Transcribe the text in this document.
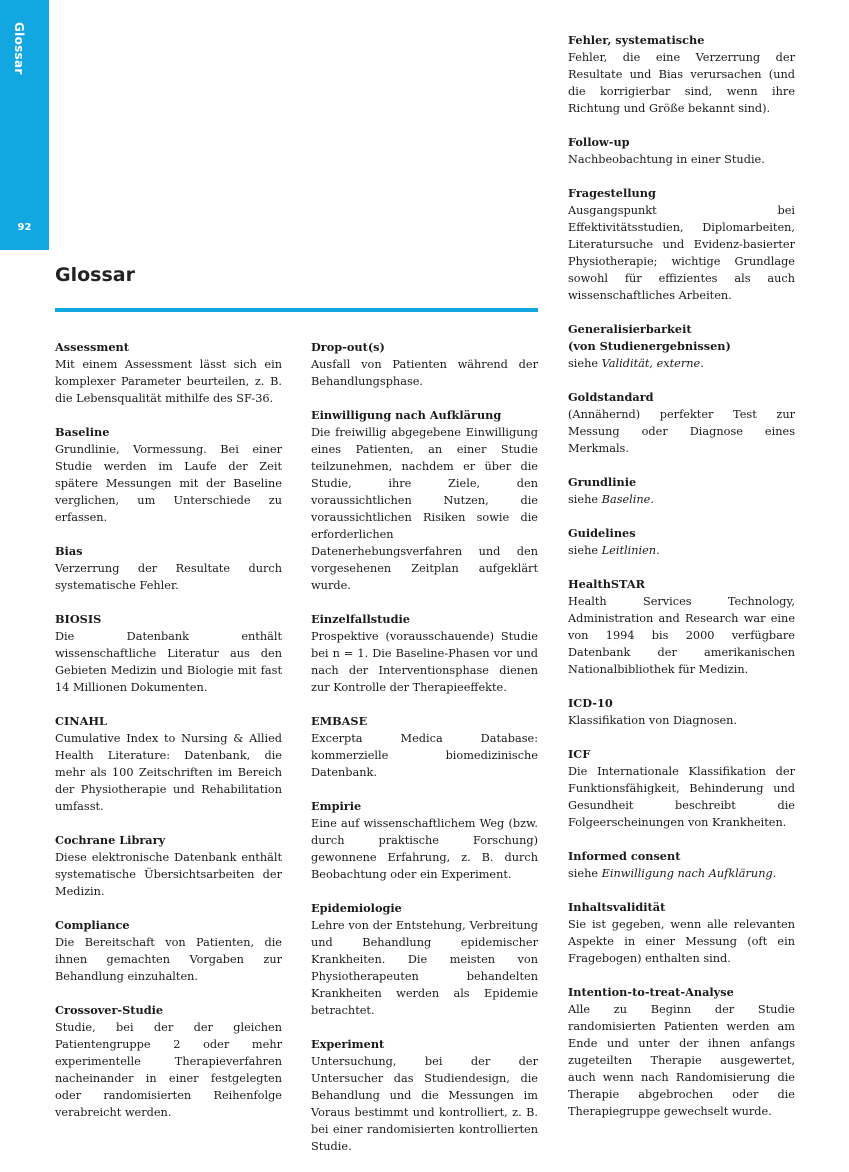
Glossar
92
Glossar
Assessment
Mit einem Assessment lässt sich ein komplexer Parameter beurteilen, z. B. die Lebensqualität mithilfe des SF-36.
Baseline
Grundlinie, Vormessung. Bei einer Studie werden im Laufe der Zeit spätere Messungen mit der Baseline verglichen, um Unterschiede zu erfassen.
Bias
Verzerrung der Resultate durch systematische Fehler.
BIOSIS
Die Datenbank enthält wissenschaftliche Literatur aus den Gebieten Medizin und Biologie mit fast 14 Millionen Dokumenten.
CINAHL
Cumulative Index to Nursing & Allied Health Literature: Datenbank, die mehr als 100 Zeitschriften im Bereich der Physiotherapie und Rehabilitation umfasst.
Cochrane Library
Diese elektronische Datenbank enthält systematische Übersichtsarbeiten der Medizin.
Compliance
Die Bereitschaft von Patienten, die ihnen gemachten Vorgaben zur Behandlung einzuhalten.
Crossover-Studie
Studie, bei der der gleichen Patientengruppe 2 oder mehr experimentelle Therapieverfahren nacheinander in einer festgelegten oder randomisierten Reihenfolge verabreicht werden.
Drop-out(s)
Ausfall von Patienten während der Behandlungsphase.
Einwilligung nach Aufklärung
Die freiwillig abgegebene Einwilligung eines Patienten, an einer Studie teilzunehmen, nachdem er über die Studie, ihre Ziele, den voraussichtlichen Nutzen, die voraussichtlichen Risiken sowie die erforderlichen Datenerhebungsverfahren und den vorgesehenen Zeitplan aufgeklärt wurde.
Einzelfallstudie
Prospektive (vorausschauende) Studie bei n = 1. Die Baseline-Phasen vor und nach der Interventionsphase dienen zur Kontrolle der Therapieeffekte.
EMBASE
Excerpta Medica Database: kommerzielle biomedizinische Datenbank.
Empirie
Eine auf wissenschaftlichem Weg (bzw. durch praktische Forschung) gewonnene Erfahrung, z. B. durch Beobachtung oder ein Experiment.
Epidemiologie
Lehre von der Entstehung, Verbreitung und Behandlung epidemischer Krankheiten. Die meisten von Physiotherapeuten behandelten Krankheiten werden als Epidemie betrachtet.
Experiment
Untersuchung, bei der der Untersucher das Studiendesign, die Behandlung und die Messungen im Voraus bestimmt und kontrolliert, z. B. bei einer randomisierten kontrollierten Studie.
Fehler, systematische
Fehler, die eine Verzerrung der Resultate und Bias verursachen (und die korrigierbar sind, wenn ihre Richtung und Größe bekannt sind).
Follow-up
Nachbeobachtung in einer Studie.
Fragestellung
Ausgangspunkt bei Effektivitätsstudien, Diplomarbeiten, Literatursuche und Evidenz-basierter Physiotherapie; wichtige Grundlage sowohl für effizientes als auch wissenschaftliches Arbeiten.
Generalisierbarkeit
(von Studienergebnissen)
siehe Validität, externe.
Goldstandard
(Annähernd) perfekter Test zur Messung oder Diagnose eines Merkmals.
Grundlinie
siehe Baseline.
Guidelines
siehe Leitlinien.
HealthSTAR
Health Services Technology, Administration and Research war eine von 1994 bis 2000 verfügbare Datenbank der amerikanischen Nationalbibliothek für Medizin.
ICD-10
Klassifikation von Diagnosen.
ICF
Die Internationale Klassifikation der Funktionsfähigkeit, Behinderung und Gesundheit beschreibt die Folgeerscheinungen von Krankheiten.
Informed consent
siehe Einwilligung nach Aufklärung.
Inhaltsvalidität
Sie ist gegeben, wenn alle relevanten Aspekte in einer Messung (oft ein Fragebogen) enthalten sind.
Intention-to-treat-Analyse
Alle zu Beginn der Studie randomisierten Patienten werden am Ende und unter der ihnen anfangs zugeteilten Therapie ausgewertet, auch wenn nach Randomisierung die Therapie abgebrochen oder die Therapiegruppe gewechselt wurde.
